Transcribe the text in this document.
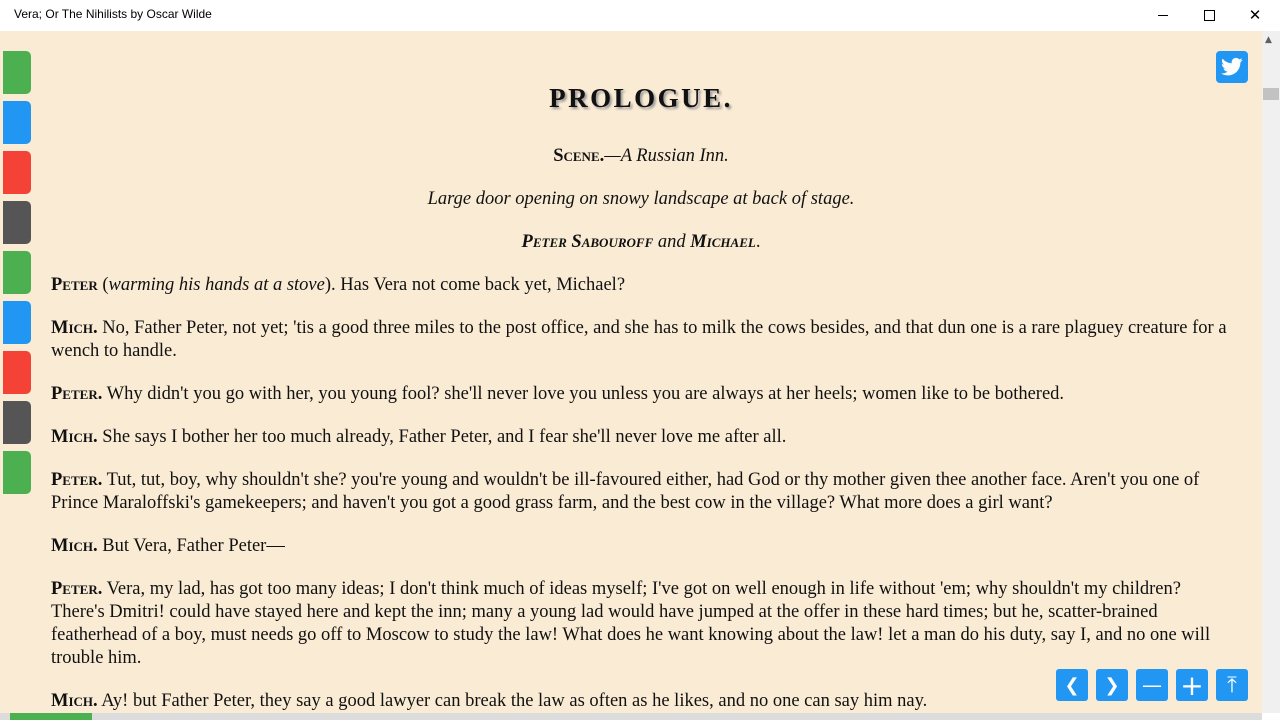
Vera; Or The Nihilists by Oscar Wilde	✕
PROLOGUE.
Scene.—A Russian Inn.
Large door opening on snowy landscape at back of stage.
Peter Sabouroff and Michael.
Peter (warming his hands at a stove). Has Vera not come back yet, Michael?
Mich. No, Father Peter, not yet; 'tis a good three miles to the post office, and she has to milk the cows besides, and that dun one is a rare plaguey creature for a wench to handle.
Peter. Why didn't you go with her, you young fool? she'll never love you unless you are always at her heels; women like to be bothered.
Mich. She says I bother her too much already, Father Peter, and I fear she'll never love me after all.
Peter. Tut, tut, boy, why shouldn't she? you're young and wouldn't be ill-favoured either, had God or thy mother given thee another face. Aren't you one of Prince Maraloffski's gamekeepers; and haven't you got a good grass farm, and the best cow in the village? What more does a girl want?
Mich. But Vera, Father Peter—
Peter. Vera, my lad, has got too many ideas; I don't think much of ideas myself; I've got on well enough in life without 'em; why shouldn't my children? There's Dmitri! could have stayed here and kept the inn; many a young lad would have jumped at the offer in these hard times; but he, scatter-brained featherhead of a boy, must needs go off to Moscow to study the law! What does he want knowing about the law! let a man do his duty, say I, and no one will trouble him.
Mich. Ay! but Father Peter, they say a good lawyer can break the law as often as he likes, and no one can say him nay.
❮ ❯ — + ⤒
▲
